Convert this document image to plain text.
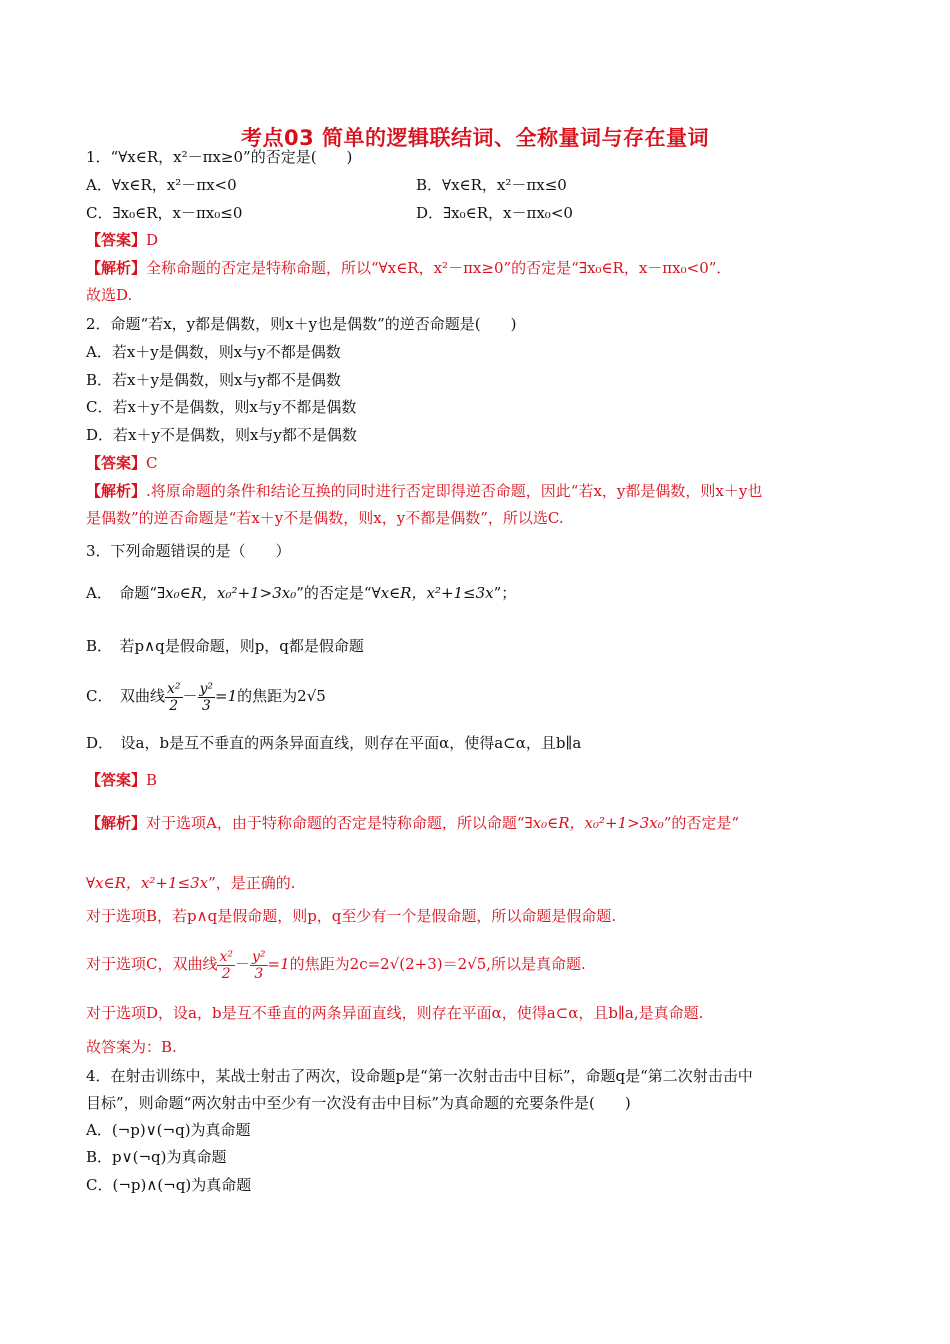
考点03 简单的逻辑联结词、全称量词与存在量词
1．“∀x∈R，x²－πx≥0”的否定是(　　)
A．∀x∈R，x²－πx<0	B．∀x∈R，x²－πx≤0
C．∃x₀∈R，x－πx₀≤0	D．∃x₀∈R，x－πx₀<0
【答案】D
【解析】全称命题的否定是特称命题，所以“∀x∈R，x²－πx≥0”的否定是“∃x₀∈R，x－πx₀<0”．
故选D.
2．命题“若x，y都是偶数，则x＋y也是偶数”的逆否命题是(　　)
A．若x＋y是偶数，则x与y不都是偶数
B．若x＋y是偶数，则x与y都不是偶数
C．若x＋y不是偶数，则x与y不都是偶数
D．若x＋y不是偶数，则x与y都不是偶数
【答案】C
【解析】.将原命题的条件和结论互换的同时进行否定即得逆否命题，因此“若x，y都是偶数，则x＋y也
是偶数”的逆否命题是“若x＋y不是偶数，则x，y不都是偶数”，所以选C.
3．下列命题错误的是（　　）
A．　命题“∃x₀∈R，x₀²+1>3x₀”的否定是“∀x∈R，x²+1≤3x”；
B．　若p∧q是假命题，则p，q都是假命题
C．　双曲线 $\frac{\text{x²}}{2} - \frac{\text{y²}}{3} =1$的焦距为2√5
D．　设a，b是互不垂直的两条异面直线，则存在平面α，使得a⊂α，且b∥a
【答案】B
【解析】对于选项A，由于特称命题的否定是特称命题，所以命题“∃x₀∈R，x₀²+1>3x₀”的否定是“
∀x∈R，x²+1≤3x”，是正确的.
对于选项B，若p∧q是假命题，则p，q至少有一个是假命题，所以命题是假命题.
对于选项C，双曲线 $\frac{\text{x²}}{2} - \frac{\text{y²}}{3} =1$的焦距为2c=2√(2+3)＝2√5,所以是真命题.
对于选项D，设a，b是互不垂直的两条异面直线，则存在平面α，使得a⊂α，且b∥a,是真命题.
故答案为：B.
4．在射击训练中，某战士射击了两次，设命题p是“第一次射击击中目标”，命题q是“第二次射击击中
目标”，则命题“两次射击中至少有一次没有击中目标”为真命题的充要条件是(　　)
A．(¬p)∨(¬q)为真命题
B．p∨(¬q)为真命题
C．(¬p)∧(¬q)为真命题
